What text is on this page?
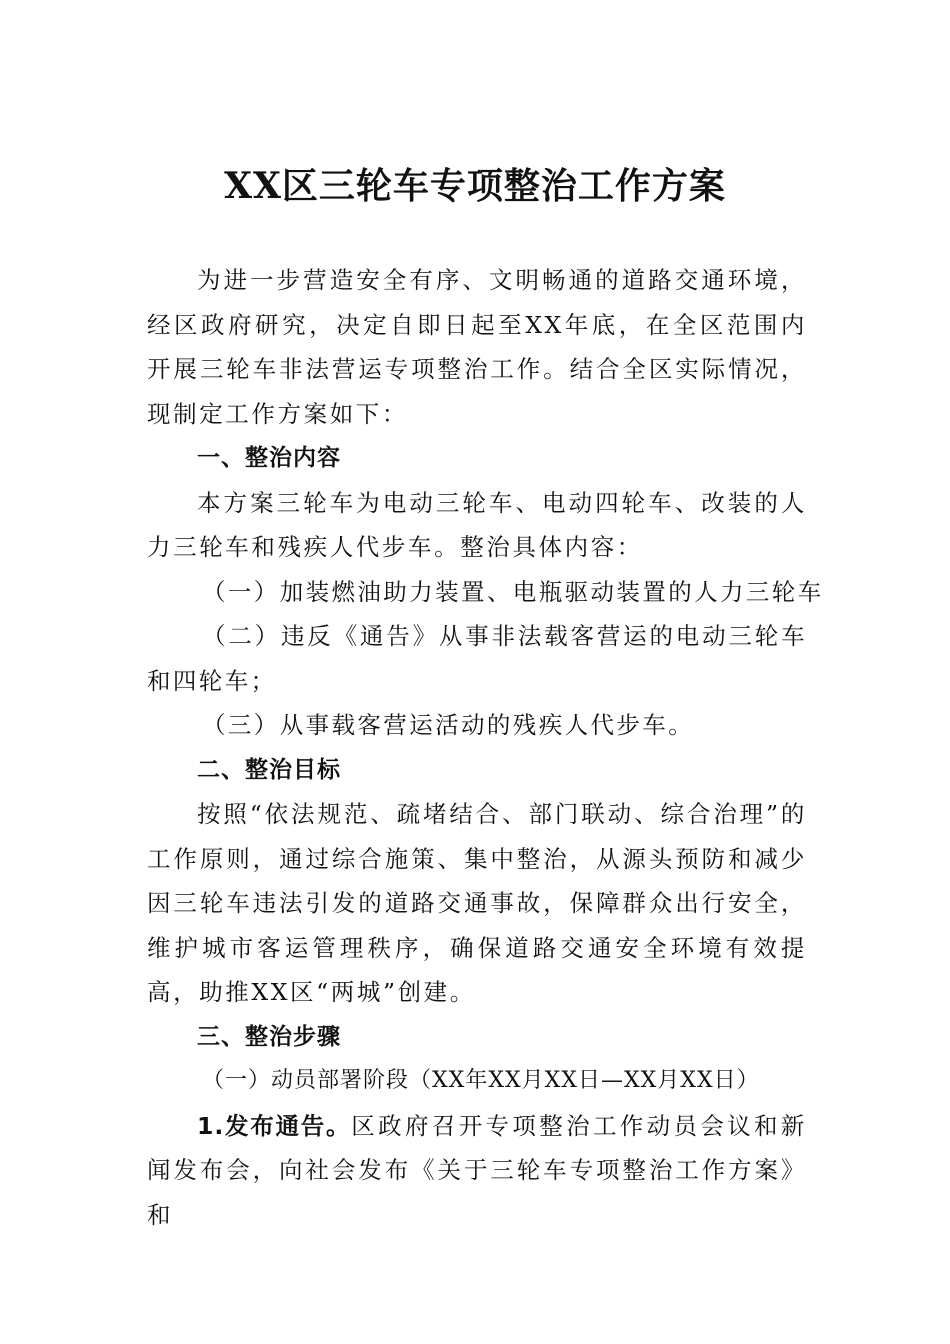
XX区三轮车专项整治工作方案

为进一步营造安全有序、文明畅通的道路交通环境，经区政府研究，决定自即日起至XX年底，在全区范围内开展三轮车非法营运专项整治工作。结合全区实际情况，现制定工作方案如下：

一、整治内容

本方案三轮车为电动三轮车、电动四轮车、改装的人力三轮车和残疾人代步车。整治具体内容：

（一）加装燃油助力装置、电瓶驱动装置的人力三轮车

（二）违反《通告》从事非法载客营运的电动三轮车和四轮车；

（三）从事载客营运活动的残疾人代步车。

二、整治目标

按照“依法规范、疏堵结合、部门联动、综合治理”的工作原则，通过综合施策、集中整治，从源头预防和减少因三轮车违法引发的道路交通事故，保障群众出行安全，维护城市客运管理秩序，确保道路交通安全环境有效提高，助推XX区“两城”创建。

三、整治步骤

（一）动员部署阶段（XX年XX月XX日—XX月XX日）

1.发布通告。区政府召开专项整治工作动员会议和新闻发布会，向社会发布《关于三轮车专项整治工作方案》和
